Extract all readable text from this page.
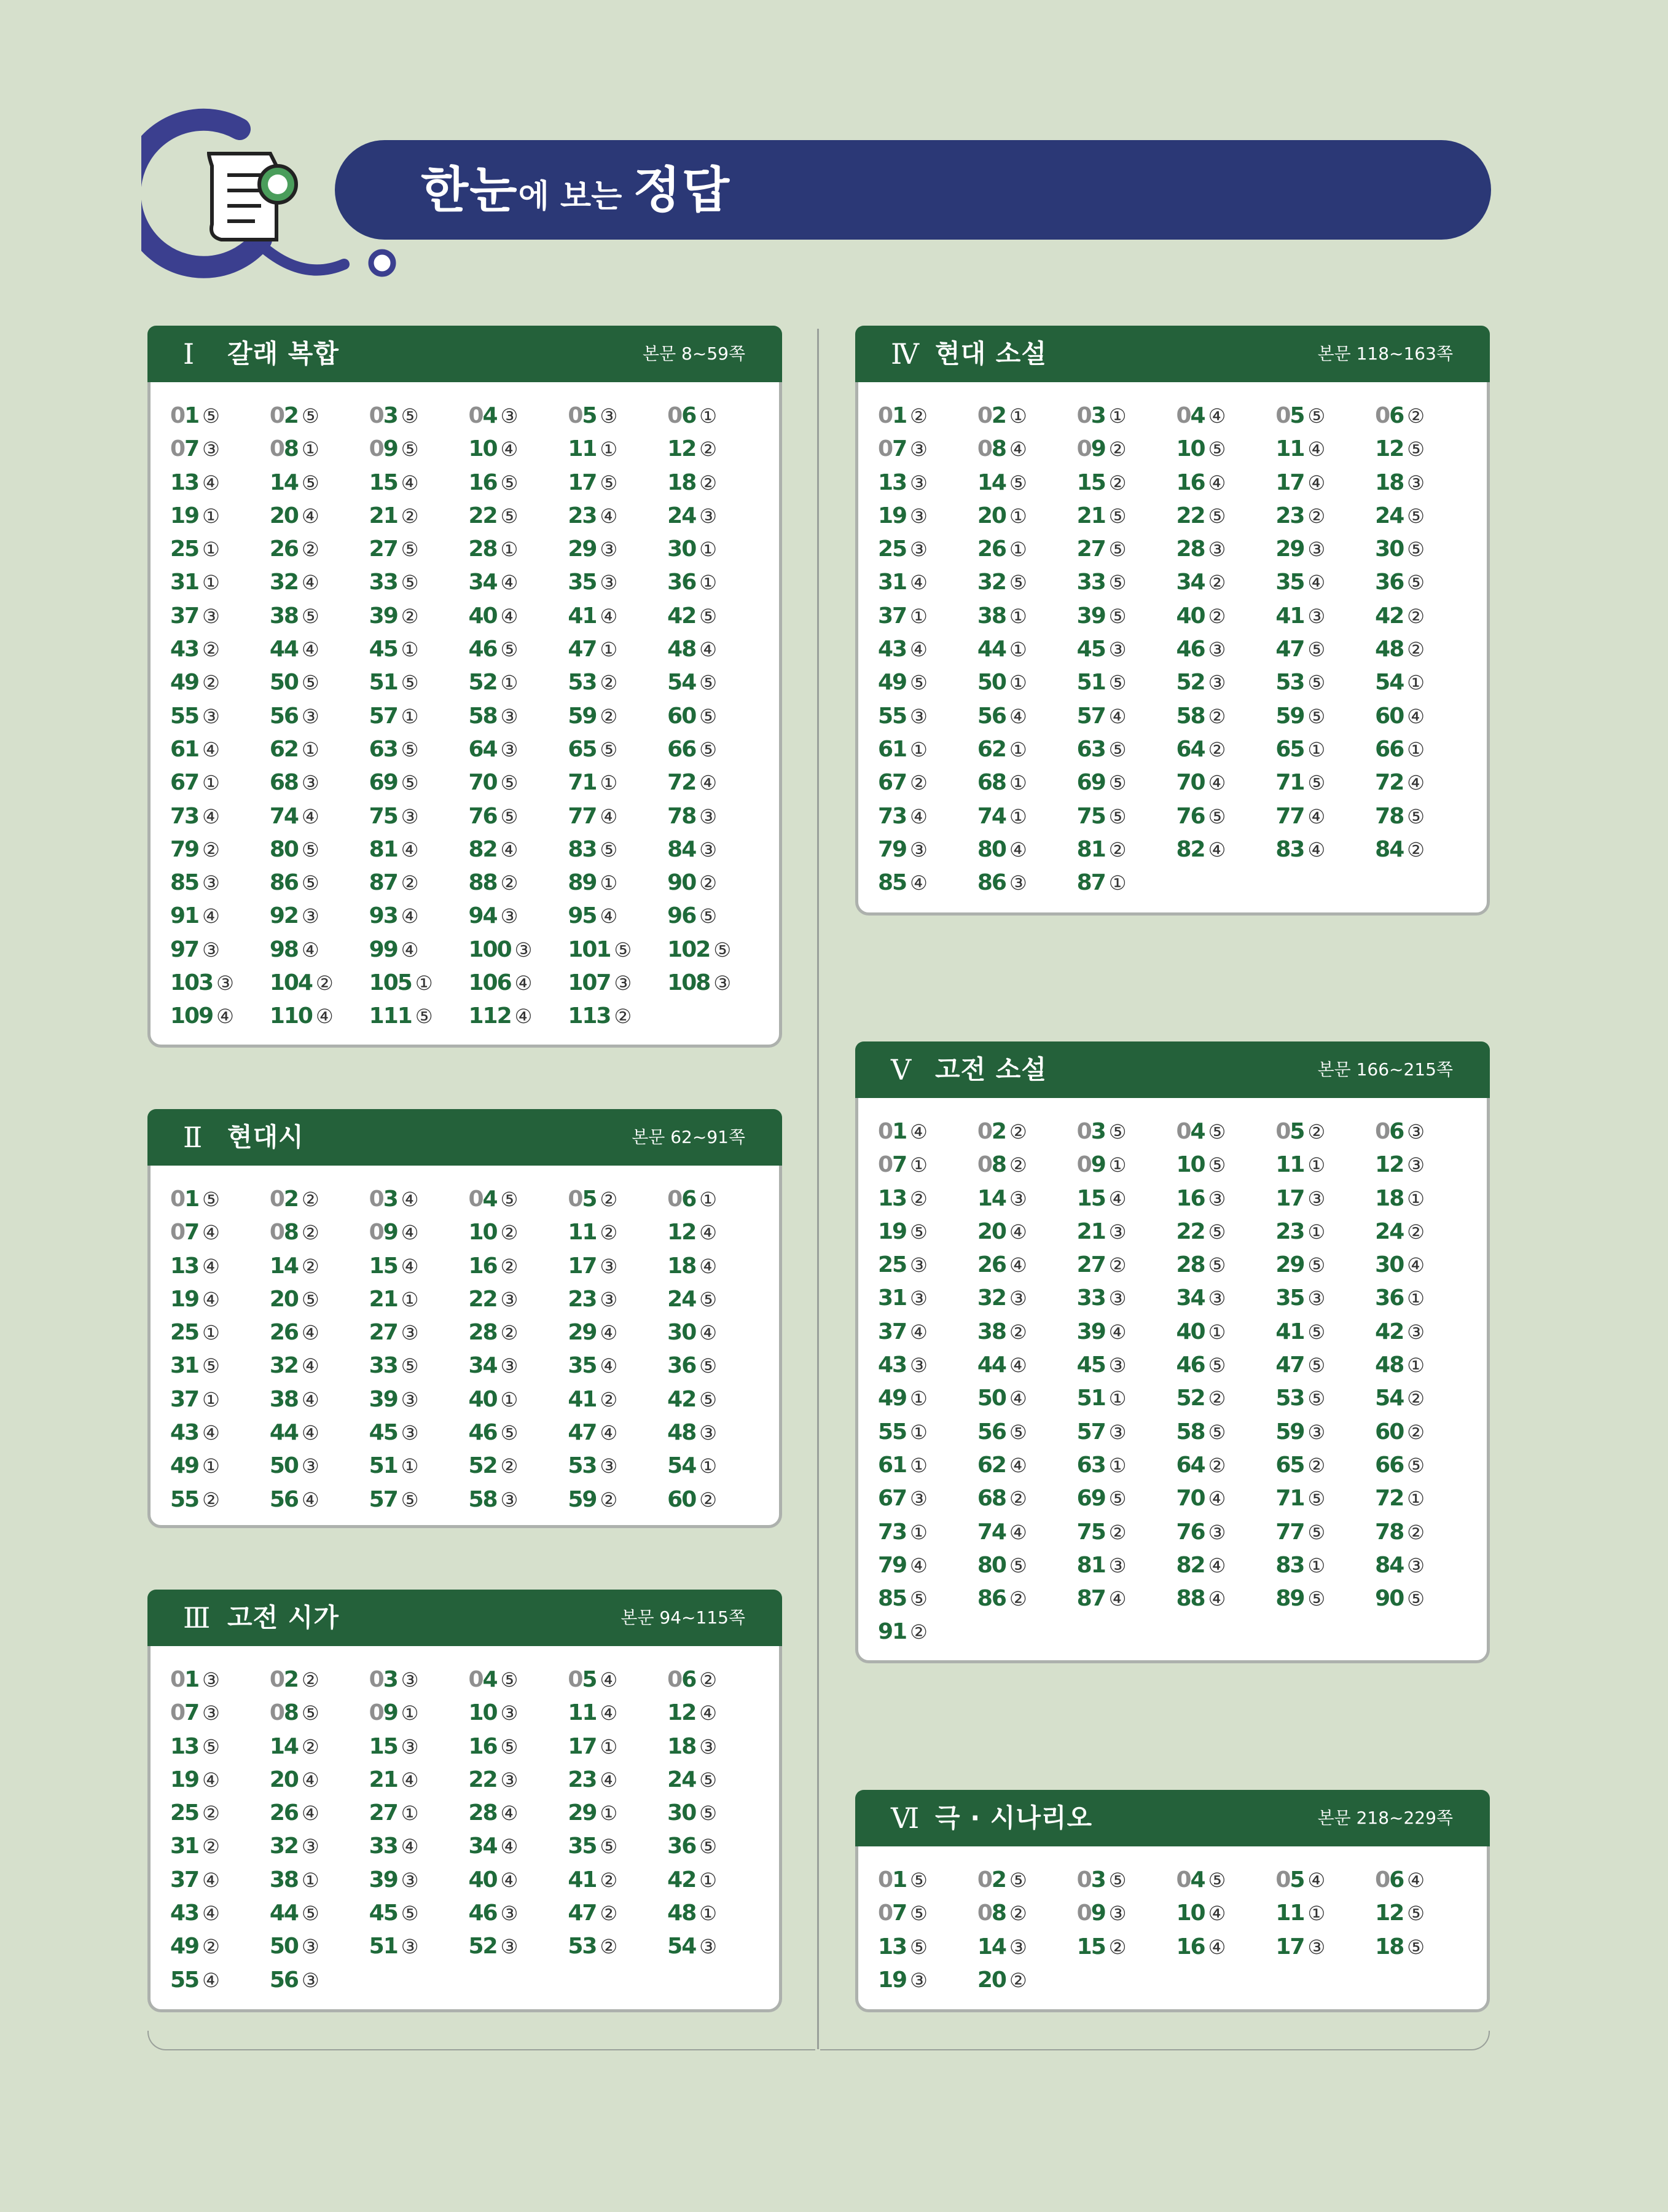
한눈에 보는 정답
Ⅰ 갈래 복합	본문 8~59쪽
01 ⑤	02 ⑤	03 ⑤	04 ③	05 ③	06 ①
07 ③	08 ①	09 ⑤	10 ④	11 ①	12 ②
13 ④	14 ⑤	15 ④	16 ⑤	17 ⑤	18 ②
19 ①	20 ④	21 ②	22 ⑤	23 ④	24 ③
25 ①	26 ②	27 ⑤	28 ①	29 ③	30 ①
31 ①	32 ④	33 ⑤	34 ④	35 ③	36 ①
37 ③	38 ⑤	39 ②	40 ④	41 ④	42 ⑤
43 ②	44 ④	45 ①	46 ⑤	47 ①	48 ④
49 ②	50 ⑤	51 ⑤	52 ①	53 ②	54 ⑤
55 ③	56 ③	57 ①	58 ③	59 ②	60 ⑤
61 ④	62 ①	63 ⑤	64 ③	65 ⑤	66 ⑤
67 ①	68 ③	69 ⑤	70 ⑤	71 ①	72 ④
73 ④	74 ④	75 ③	76 ⑤	77 ④	78 ③
79 ②	80 ⑤	81 ④	82 ④	83 ⑤	84 ③
85 ③	86 ⑤	87 ②	88 ②	89 ①	90 ②
91 ④	92 ③	93 ④	94 ③	95 ④	96 ⑤
97 ③	98 ④	99 ④	100 ③	101 ⑤	102 ⑤
103 ③	104 ②	105 ①	106 ④	107 ③	108 ③
109 ④	110 ④	111 ⑤	112 ④	113 ②
Ⅱ 현대시	본문 62~91쪽
01 ⑤	02 ②	03 ④	04 ⑤	05 ②	06 ①
07 ④	08 ②	09 ④	10 ②	11 ②	12 ④
13 ④	14 ②	15 ④	16 ②	17 ③	18 ④
19 ④	20 ⑤	21 ①	22 ③	23 ③	24 ⑤
25 ①	26 ④	27 ③	28 ②	29 ④	30 ④
31 ⑤	32 ④	33 ⑤	34 ③	35 ④	36 ⑤
37 ①	38 ④	39 ③	40 ①	41 ②	42 ⑤
43 ④	44 ④	45 ③	46 ⑤	47 ④	48 ③
49 ①	50 ③	51 ①	52 ②	53 ③	54 ①
55 ②	56 ④	57 ⑤	58 ③	59 ②	60 ②
Ⅲ 고전 시가	본문 94~115쪽
01 ③	02 ②	03 ③	04 ⑤	05 ④	06 ②
07 ③	08 ⑤	09 ①	10 ③	11 ④	12 ④
13 ⑤	14 ②	15 ③	16 ⑤	17 ①	18 ③
19 ④	20 ④	21 ④	22 ③	23 ④	24 ⑤
25 ②	26 ④	27 ①	28 ④	29 ①	30 ⑤
31 ②	32 ③	33 ④	34 ④	35 ⑤	36 ⑤
37 ④	38 ①	39 ③	40 ④	41 ②	42 ①
43 ④	44 ⑤	45 ⑤	46 ③	47 ②	48 ①
49 ②	50 ③	51 ③	52 ③	53 ②	54 ③
55 ④	56 ③
Ⅳ 현대 소설	본문 118~163쪽
01 ②	02 ①	03 ①	04 ④	05 ⑤	06 ②
07 ③	08 ④	09 ②	10 ⑤	11 ④	12 ⑤
13 ③	14 ⑤	15 ②	16 ④	17 ④	18 ③
19 ③	20 ①	21 ⑤	22 ⑤	23 ②	24 ⑤
25 ③	26 ①	27 ⑤	28 ③	29 ③	30 ⑤
31 ④	32 ⑤	33 ⑤	34 ②	35 ④	36 ⑤
37 ①	38 ①	39 ⑤	40 ②	41 ③	42 ②
43 ④	44 ①	45 ③	46 ③	47 ⑤	48 ②
49 ⑤	50 ①	51 ⑤	52 ③	53 ⑤	54 ①
55 ③	56 ④	57 ④	58 ②	59 ⑤	60 ④
61 ①	62 ①	63 ⑤	64 ②	65 ①	66 ①
67 ②	68 ①	69 ⑤	70 ④	71 ⑤	72 ④
73 ④	74 ①	75 ⑤	76 ⑤	77 ④	78 ⑤
79 ③	80 ④	81 ②	82 ④	83 ④	84 ②
85 ④	86 ③	87 ①
Ⅴ 고전 소설	본문 166~215쪽
01 ④	02 ②	03 ⑤	04 ⑤	05 ②	06 ③
07 ①	08 ②	09 ①	10 ⑤	11 ①	12 ③
13 ②	14 ③	15 ④	16 ③	17 ③	18 ①
19 ⑤	20 ④	21 ③	22 ⑤	23 ①	24 ②
25 ③	26 ④	27 ②	28 ⑤	29 ⑤	30 ④
31 ③	32 ③	33 ③	34 ③	35 ③	36 ①
37 ④	38 ②	39 ④	40 ①	41 ⑤	42 ③
43 ③	44 ④	45 ③	46 ⑤	47 ⑤	48 ①
49 ①	50 ④	51 ①	52 ②	53 ⑤	54 ②
55 ①	56 ⑤	57 ③	58 ⑤	59 ③	60 ②
61 ①	62 ④	63 ①	64 ②	65 ②	66 ⑤
67 ③	68 ②	69 ⑤	70 ④	71 ⑤	72 ①
73 ①	74 ④	75 ②	76 ③	77 ⑤	78 ②
79 ④	80 ⑤	81 ③	82 ④	83 ①	84 ③
85 ⑤	86 ②	87 ④	88 ④	89 ⑤	90 ⑤
91 ②
Ⅵ 극 · 시나리오	본문 218~229쪽
01 ⑤	02 ⑤	03 ⑤	04 ⑤	05 ④	06 ④
07 ⑤	08 ②	09 ③	10 ④	11 ①	12 ⑤
13 ⑤	14 ③	15 ②	16 ④	17 ③	18 ⑤
19 ③	20 ②
